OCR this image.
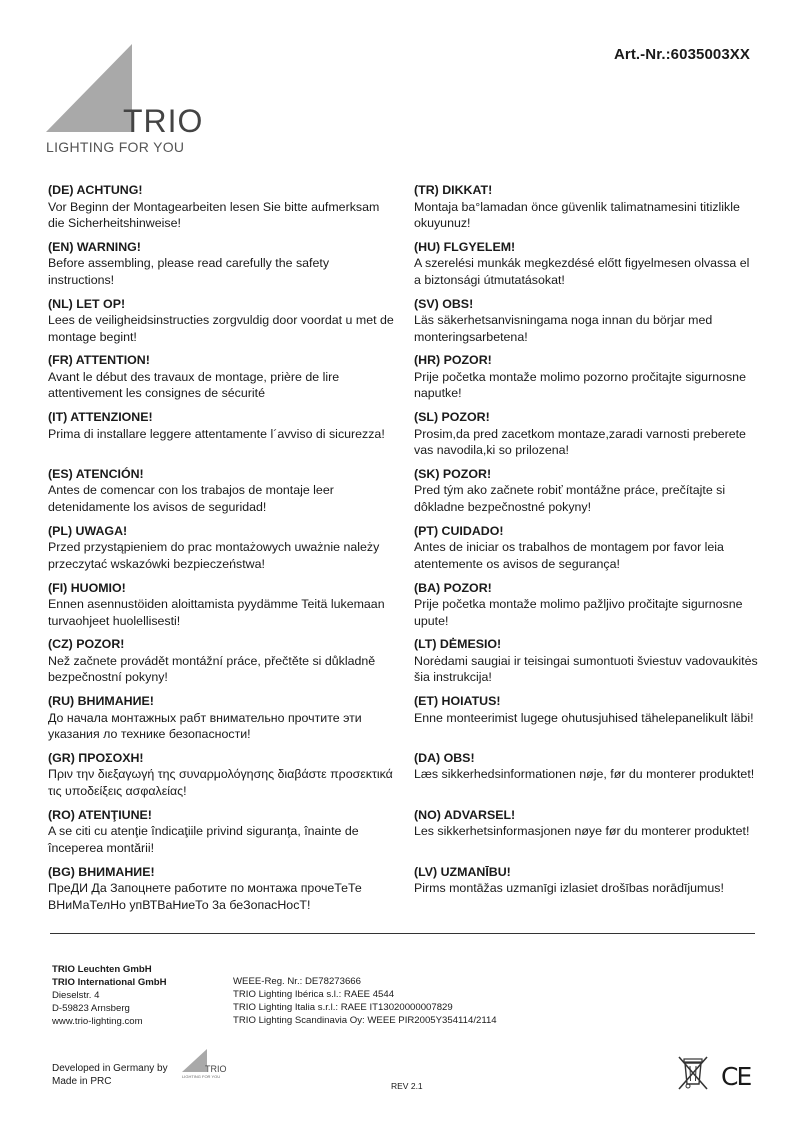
TRIO
LIGHTING FOR YOU
Art.-Nr.:6035003XX
(DE) ACHTUNG!
Vor Beginn der Montagearbeiten lesen Sie bitte aufmerksam die Sicherheitshinweise!
(EN) WARNING!
Before assembling, please read carefully the safety instructions!
(NL) LET OP!
Lees de veiligheidsinstructies zorgvuldig door voordat u met de montage begint!
(FR) ATTENTION!
Avant le début des travaux de montage, prière de lire attentivement les consignes de sécurité
(IT) ATTENZIONE!
Prima di installare leggere attentamente l´avviso di sicurezza!
(ES) ATENCIÓN!
Antes de comencar con los trabajos de montaje leer detenidamente los avisos de seguridad!
(PL) UWAGA!
Przed przystąpieniem do prac montażowych uważnie należy przeczytać wskazówki bezpieczeństwa!
(FI) HUOMIO!
Ennen asennustöiden aloittamista pyydämme Teitä lukemaan turvaohjeet huolellisesti!
(CZ) POZOR!
Než začnete provádět montážní práce, přečtěte si důkladně bezpečnostní pokyny!
(RU) ВНИМАНИЕ!
До начала монтажных рабт внимательно прочтите эти указания ло технике безопасности!
(GR) ΠΡΟΣΟΧΗ!
Πριν την διεξαγωγή της συναρμολόγησης διαβάστε προσεκτικά τις υποδείξεις ασφαλείας!
(RO) ATENŢIUNE!
A se citi cu atenţie îndicaţiile privind siguranţa, înainte de începerea montării!
(BG) ВНИМАНИЕ!
ПреДИ Да Запоцнете работите по монтажа прочеТеТе ВНиМаТелНо упВТВаНиеТо 3а беЗопасНосТ!
(TR) DIKKAT!
Montaja ba°lamadan önce güvenlik talimatnamesini titizlikle okuyunuz!
(HU) FLGYELEM!
A szerelési munkák megkezdésé előtt figyelmesen olvassa el a biztonsági útmutatásokat!
(SV) OBS!
Läs säkerhetsanvisningama noga innan du börjar med monteringsarbetena!
(HR) POZOR!
Prije početka montaže molimo pozorno pročitajte sigurnosne naputke!
(SL) POZOR!
Prosim,da pred zacetkom montaze,zaradi varnosti preberete vas navodila,ki so prilozena!
(SK) POZOR!
Pred tým ako začnete robiť montážne práce, prečítajte si dôkladne bezpečnostné pokyny!
(PT) CUIDADO!
Antes de iniciar os trabalhos de montagem por favor leia atentemente os avisos de segurança!
(BA) POZOR!
Prije početka montaže molimo pažljivo pročitajte sigurnosne upute!
(LT) DĖMESIO!
Norėdami saugiai ir teisingai sumontuoti šviestuv vadovaukitės šia instrukcija!
(ET) HOIATUS!
Enne monteerimist lugege ohutusjuhised tähelepanelikult läbi!
(DA) OBS!
Læs sikkerhedsinformationen nøje, før du monterer produktet!
(NO) ADVARSEL!
Les sikkerhetsinformasjonen nøye før du monterer produktet!
(LV) UZMANĪBU!
Pirms montāžas uzmanīgi izlasiet drošības norādījumus!
TRIO Leuchten GmbH
TRIO International GmbH
Dieselstr. 4
D-59823 Arnsberg
www.trio-lighting.com
WEEE-Reg. Nr.: DE78273666
TRIO Lighting Ibérica s.l.: RAEE 4544
TRIO Lighting Italia s.r.l.: RAEE IT13020000007829
TRIO Lighting Scandinavia Oy: WEEE PIR2005Y354114/2114
Developed in Germany by
Made in PRC
TRIO
LIGHTING FOR YOU
REV 2.1	CE
